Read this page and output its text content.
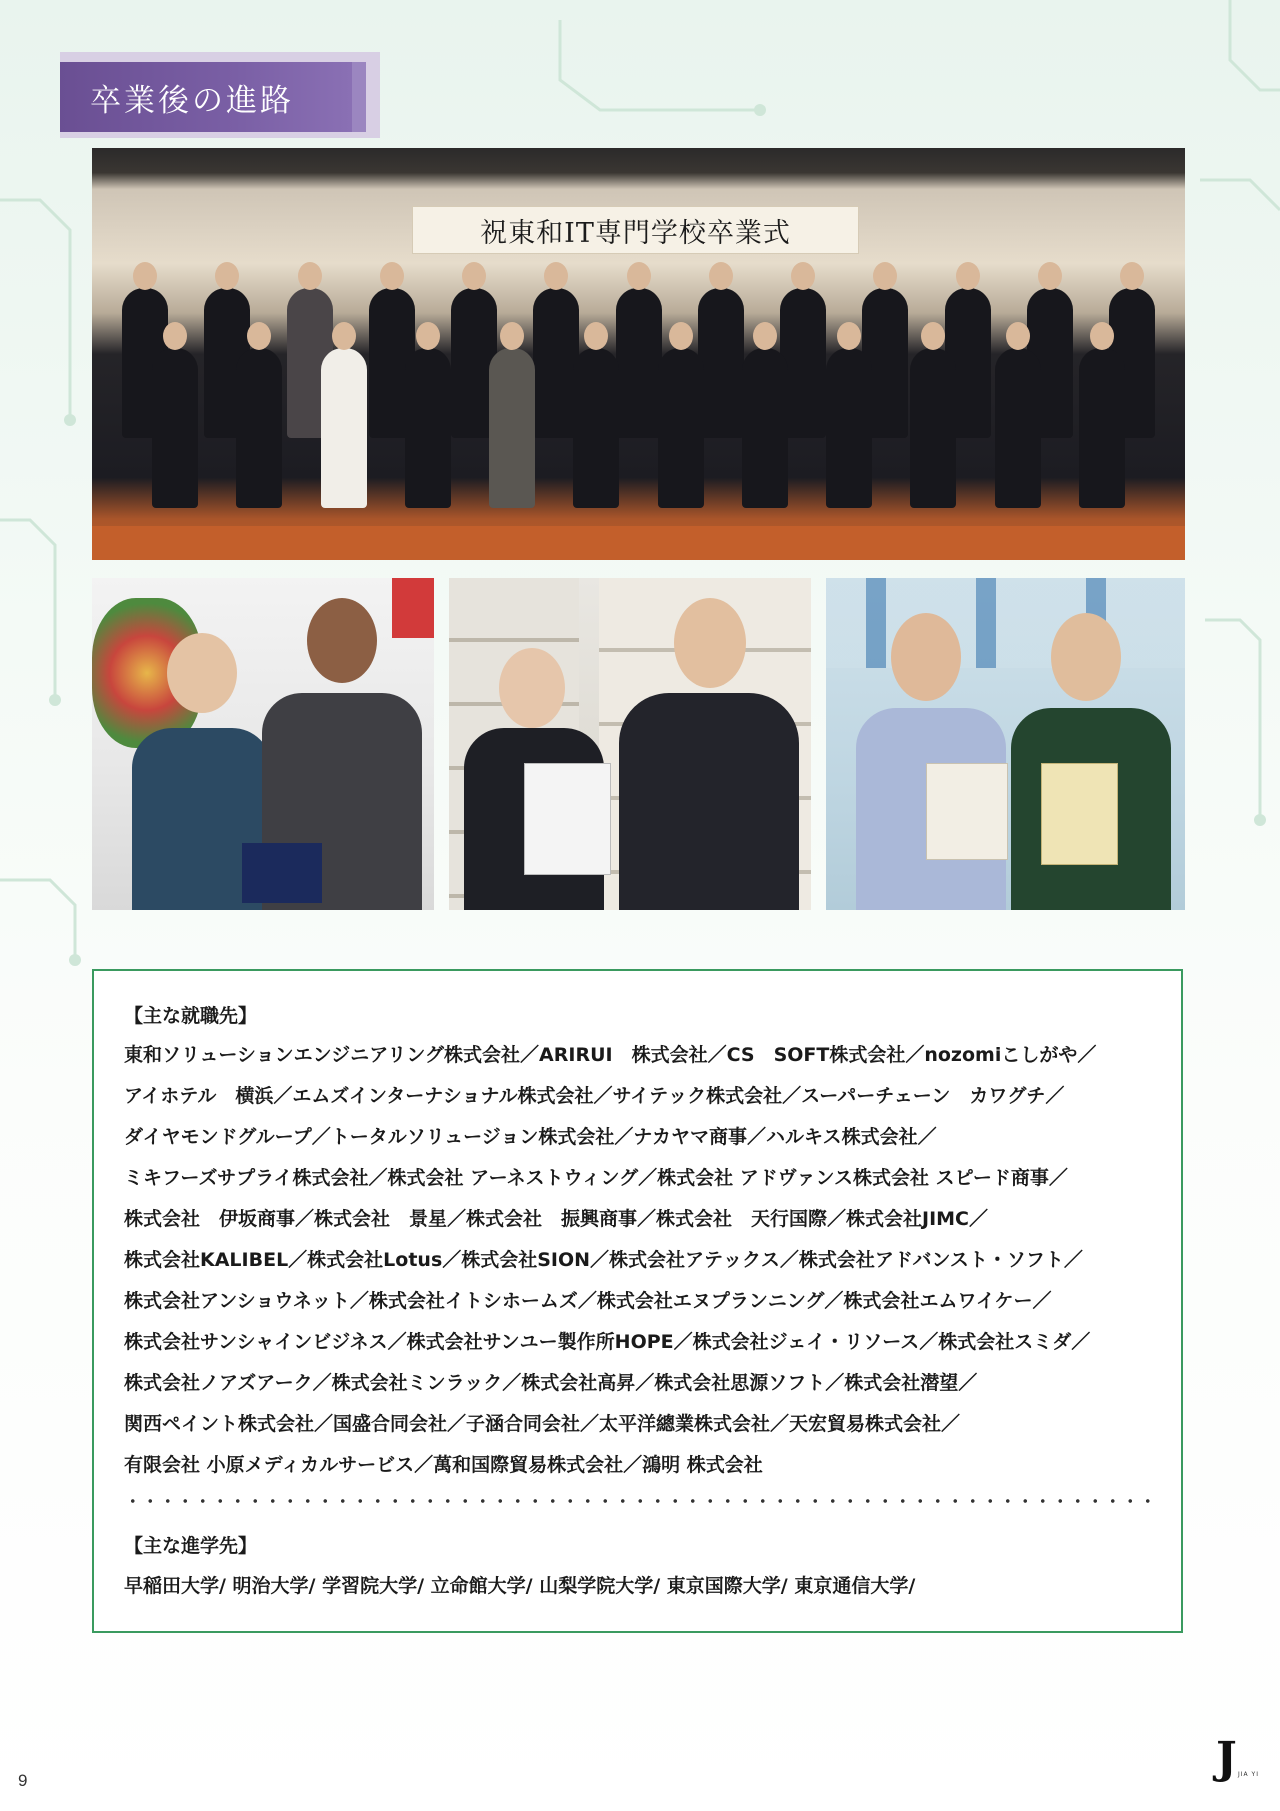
卒業後の進路
祝東和IT専門学校卒業式
【主な就職先】
東和ソリューションエンジニアリング株式会社／ARIRUI　株式会社／CS　SOFT株式会社／nozomiこしがや／
アイホテル　横浜／エムズインターナショナル株式会社／サイテック株式会社／スーパーチェーン　カワグチ／
ダイヤモンドグループ／トータルソリュージョン株式会社／ナカヤマ商事／ハルキス株式会社／
ミキフーズサプライ株式会社／株式会社 アーネストウィング／株式会社 アドヴァンス株式会社 スピード商事／
株式会社　伊坂商事／株式会社　景星／株式会社　振興商事／株式会社　天行国際／株式会社JIMC／
株式会社KALIBEL／株式会社Lotus／株式会社SION／株式会社アテックス／株式会社アドバンスト・ソフト／
株式会社アンショウネット／株式会社イトシホームズ／株式会社エヌプランニング／株式会社エムワイケー／
株式会社サンシャインビジネス／株式会社サンユー製作所HOPE／株式会社ジェイ・リソース／株式会社スミダ／
株式会社ノアズアーク／株式会社ミンラック／株式会社高昇／株式会社思源ソフト／株式会社潜望／
関西ペイント株式会社／国盛合同会社／子涵合同会社／太平洋總業株式会社／天宏貿易株式会社／
有限会社 小原メディカルサービス／萬和国際貿易株式会社／鴻明 株式会社
【主な進学先】
早稲田大学/ 明治大学/ 学習院大学/ 立命館大学/ 山梨学院大学/ 東京国際大学/ 東京通信大学/
9	J JIA YI
